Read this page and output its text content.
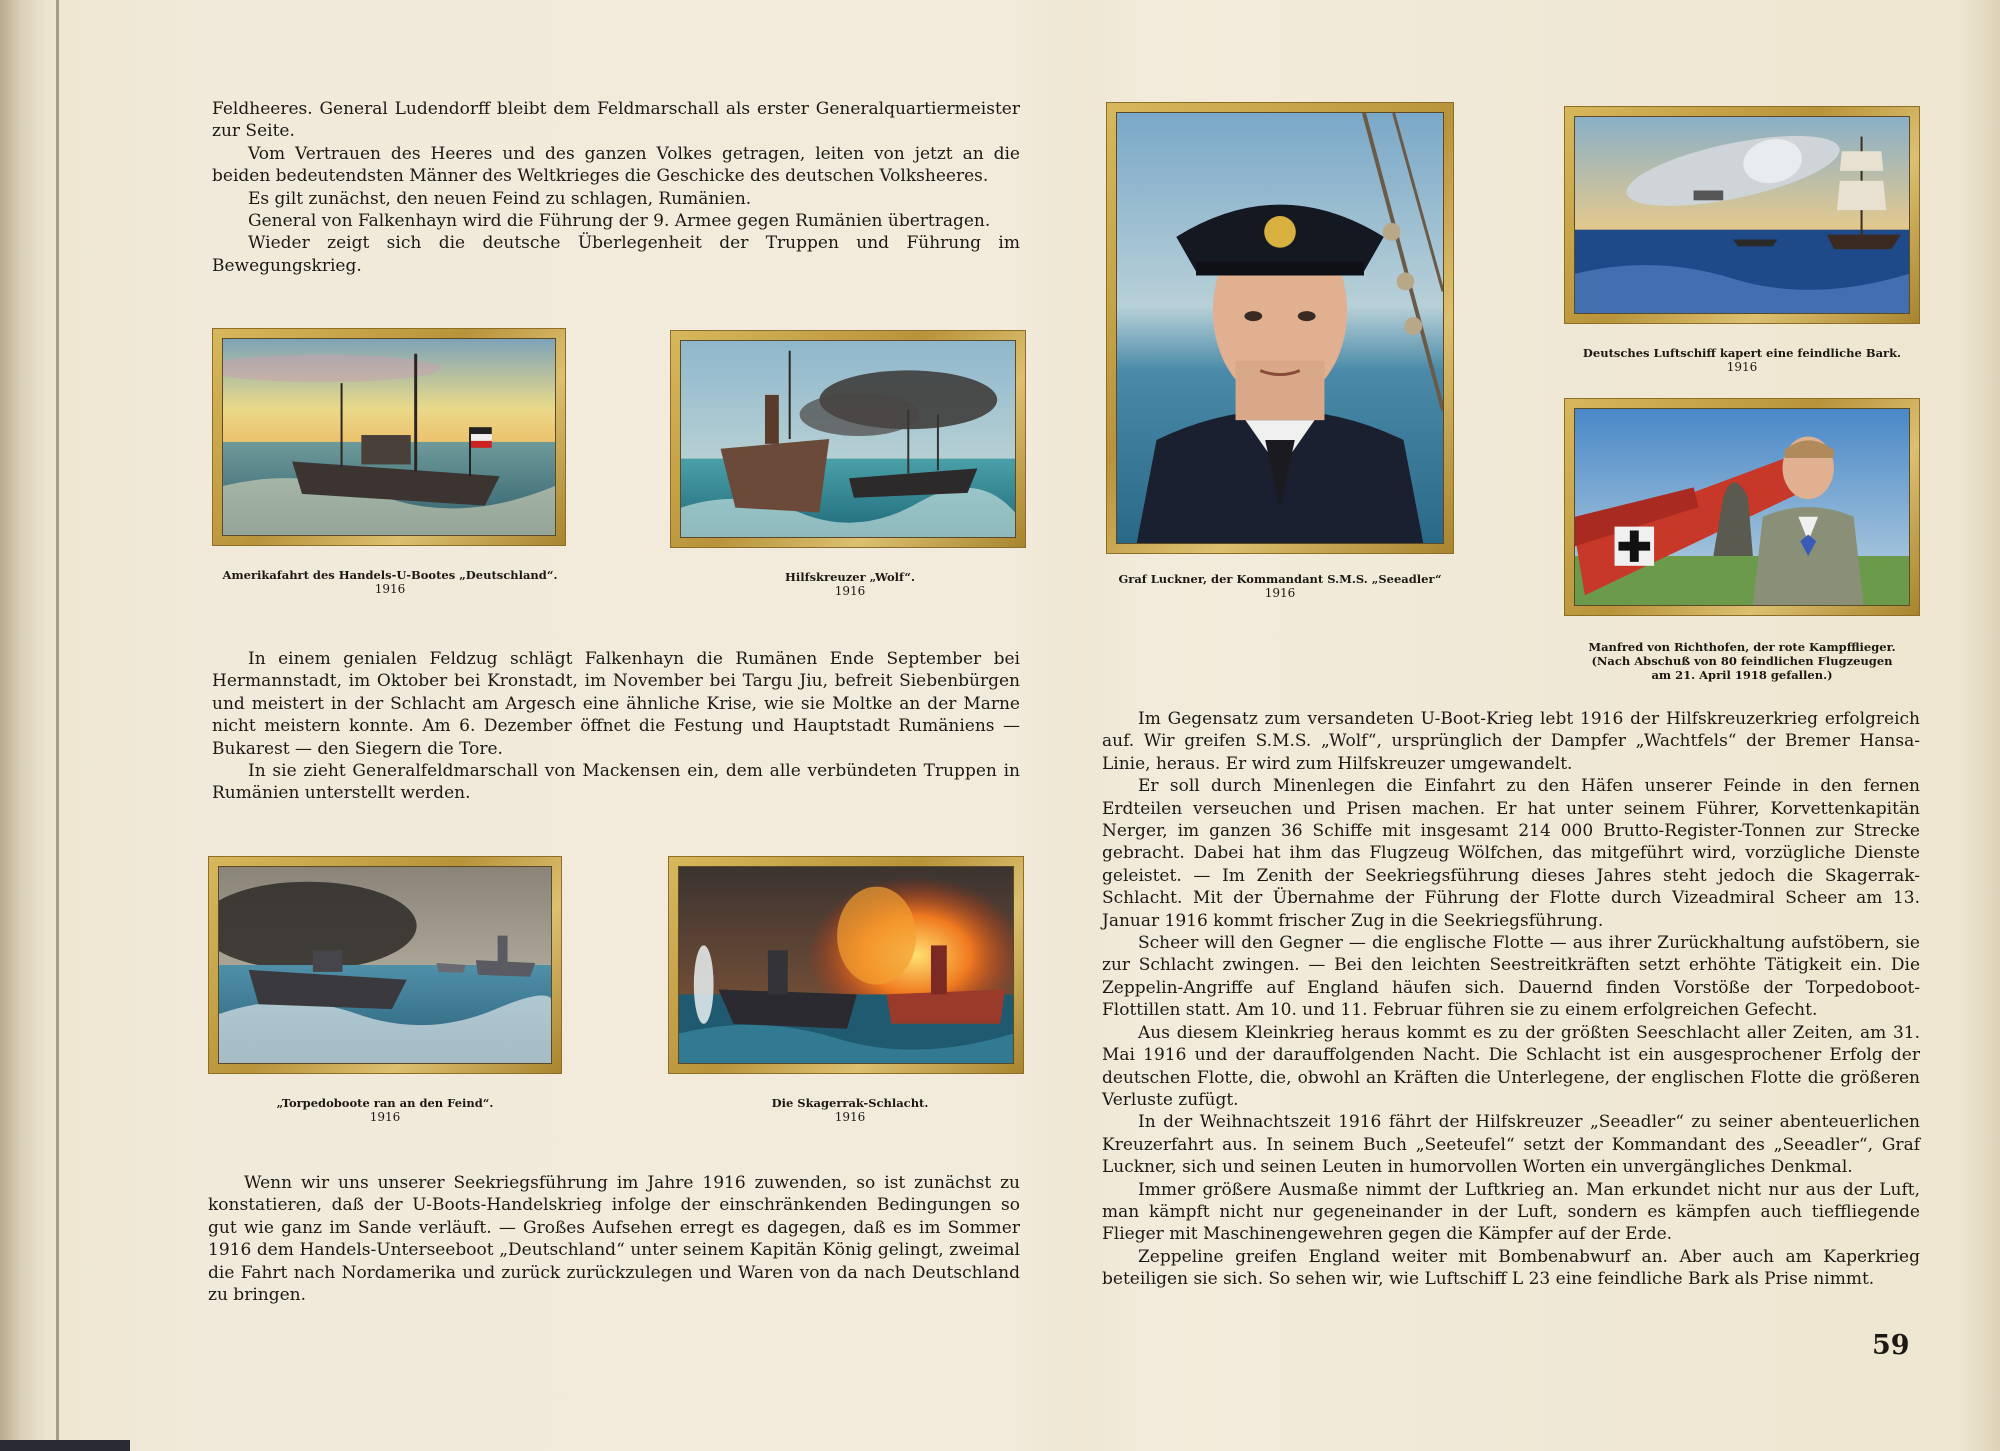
Feldheeres. General Ludendorff bleibt dem Feldmarschall als erster Generalquartiermeister zur Seite.

Vom Vertrauen des Heeres und des ganzen Volkes getragen, leiten von jetzt an die beiden bedeutendsten Männer des Weltkrieges die Geschicke des deutschen Volksheeres.

Es gilt zunächst, den neuen Feind zu schlagen, Rumänien.

General von Falkenhayn wird die Führung der 9. Armee gegen Rumänien übertragen.

Wieder zeigt sich die deutsche Überlegenheit der Truppen und Führung im Bewegungskrieg.

Amerikafahrt des Handels-U-Bootes „Deutschland“.
1916
Hilfskreuzer „Wolf“.
1916

In einem genialen Feldzug schlägt Falkenhayn die Rumänen Ende September bei Hermannstadt, im Oktober bei Kronstadt, im November bei Targu Jiu, befreit Siebenbürgen und meistert in der Schlacht am Argesch eine ähnliche Krise, wie sie Moltke an der Marne nicht meistern konnte. Am 6. Dezember öffnet die Festung und Hauptstadt Rumäniens — Bukarest — den Siegern die Tore.

In sie zieht Generalfeldmarschall von Mackensen ein, dem alle verbündeten Truppen in Rumänien unterstellt werden.

„Torpedoboote ran an den Feind“.
1916
Die Skagerrak-Schlacht.
1916

Wenn wir uns unserer Seekriegsführung im Jahre 1916 zuwenden, so ist zunächst zu konstatieren, daß der U-Boots-Handelskrieg infolge der einschränkenden Bedingungen so gut wie ganz im Sande verläuft. — Großes Aufsehen erregt es dagegen, daß es im Sommer 1916 dem Handels-Unterseeboot „Deutschland“ unter seinem Kapitän König gelingt, zweimal die Fahrt nach Nordamerika und zurück zurückzulegen und Waren von da nach Deutschland zu bringen.

Graf Luckner, der Kommandant S.M.S. „Seeadler“
1916
Deutsches Luftschiff kapert eine feindliche Bark.
1916
Manfred von Richthofen, der rote Kampfflieger.
(Nach Abschuß von 80 feindlichen Flugzeugen
am 21. April 1918 gefallen.)

Im Gegensatz zum versandeten U-Boot-Krieg lebt 1916 der Hilfskreuzerkrieg erfolgreich auf. Wir greifen S.M.S. „Wolf“, ursprünglich der Dampfer „Wachtfels“ der Bremer Hansa-Linie, heraus. Er wird zum Hilfskreuzer umgewandelt.

Er soll durch Minenlegen die Einfahrt zu den Häfen unserer Feinde in den fernen Erdteilen verseuchen und Prisen machen. Er hat unter seinem Führer, Korvettenkapitän Nerger, im ganzen 36 Schiffe mit insgesamt 214 000 Brutto-Register-Tonnen zur Strecke gebracht. Dabei hat ihm das Flugzeug Wölfchen, das mitgeführt wird, vorzügliche Dienste geleistet. — Im Zenith der Seekriegsführung dieses Jahres steht jedoch die Skagerrak-Schlacht. Mit der Übernahme der Führung der Flotte durch Vizeadmiral Scheer am 13. Januar 1916 kommt frischer Zug in die Seekriegsführung.

Scheer will den Gegner — die englische Flotte — aus ihrer Zurückhaltung aufstöbern, sie zur Schlacht zwingen. — Bei den leichten Seestreitkräften setzt erhöhte Tätigkeit ein. Die Zeppelin-Angriffe auf England häufen sich. Dauernd finden Vorstöße der Torpedoboot-Flottillen statt. Am 10. und 11. Februar führen sie zu einem erfolgreichen Gefecht.

Aus diesem Kleinkrieg heraus kommt es zu der größten Seeschlacht aller Zeiten, am 31. Mai 1916 und der darauffolgenden Nacht. Die Schlacht ist ein ausgesprochener Erfolg der deutschen Flotte, die, obwohl an Kräften die Unterlegene, der englischen Flotte die größeren Verluste zufügt.

In der Weihnachtszeit 1916 fährt der Hilfskreuzer „Seeadler“ zu seiner abenteuerlichen Kreuzerfahrt aus. In seinem Buch „Seeteufel“ setzt der Kommandant des „Seeadler“, Graf Luckner, sich und seinen Leuten in humorvollen Worten ein unvergängliches Denkmal.

Immer größere Ausmaße nimmt der Luftkrieg an. Man erkundet nicht nur aus der Luft, man kämpft nicht nur gegeneinander in der Luft, sondern es kämpfen auch tieffliegende Flieger mit Maschinengewehren gegen die Kämpfer auf der Erde.

Zeppeline greifen England weiter mit Bombenabwurf an. Aber auch am Kaperkrieg beteiligen sie sich. So sehen wir, wie Luftschiff L 23 eine feindliche Bark als Prise nimmt.

59
